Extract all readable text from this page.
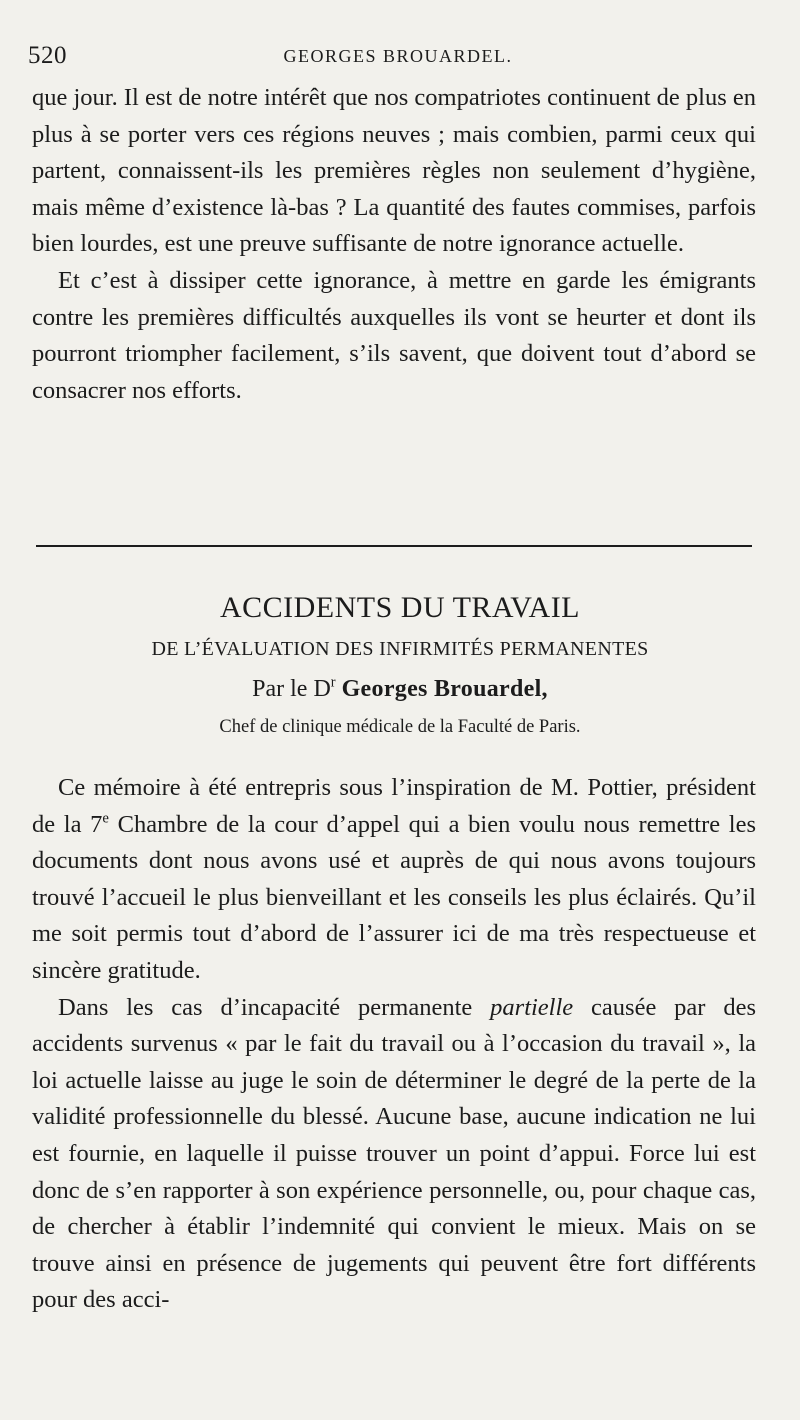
520	GEORGES BROUARDEL.

que jour. Il est de notre intérêt que nos compatriotes continuent de plus en plus à se porter vers ces régions neuves ; mais combien, parmi ceux qui partent, connaissent-ils les premières règles non seulement d’hygiène, mais même d’existence là-bas ? La quantité des fautes commises, parfois bien lourdes, est une preuve suffisante de notre ignorance actuelle.

Et c’est à dissiper cette ignorance, à mettre en garde les émigrants contre les premières difficultés auxquelles ils vont se heurter et dont ils pourront triompher facilement, s’ils savent, que doivent tout d’abord se consacrer nos efforts.

ACCIDENTS DU TRAVAIL
DE L’ÉVALUATION DES INFIRMITÉS PERMANENTES

Par le $D^r$ Georges Brouardel,

Chef de clinique médicale de la Faculté de Paris.

Ce mémoire à été entrepris sous l’inspiration de M. Pottier, président de la 7e Chambre de la cour d’appel qui a bien voulu nous remettre les documents dont nous avons usé et auprès de qui nous avons toujours trouvé l’accueil le plus bienveillant et les conseils les plus éclairés. Qu’il me soit permis tout d’abord de l’assurer ici de ma très respectueuse et sincère gratitude.

Dans les cas d’incapacité permanente partielle causée par des accidents survenus « par le fait du travail ou à l’occasion du travail », la loi actuelle laisse au juge le soin de déterminer le degré de la perte de la validité professionnelle du blessé. Aucune base, aucune indication ne lui est fournie, en laquelle il puisse trouver un point d’appui. Force lui est donc de s’en rapporter à son expérience personnelle, ou, pour chaque cas, de chercher à établir l’indemnité qui convient le mieux. Mais on se trouve ainsi en présence de jugements qui peuvent être fort différents pour des acci-
